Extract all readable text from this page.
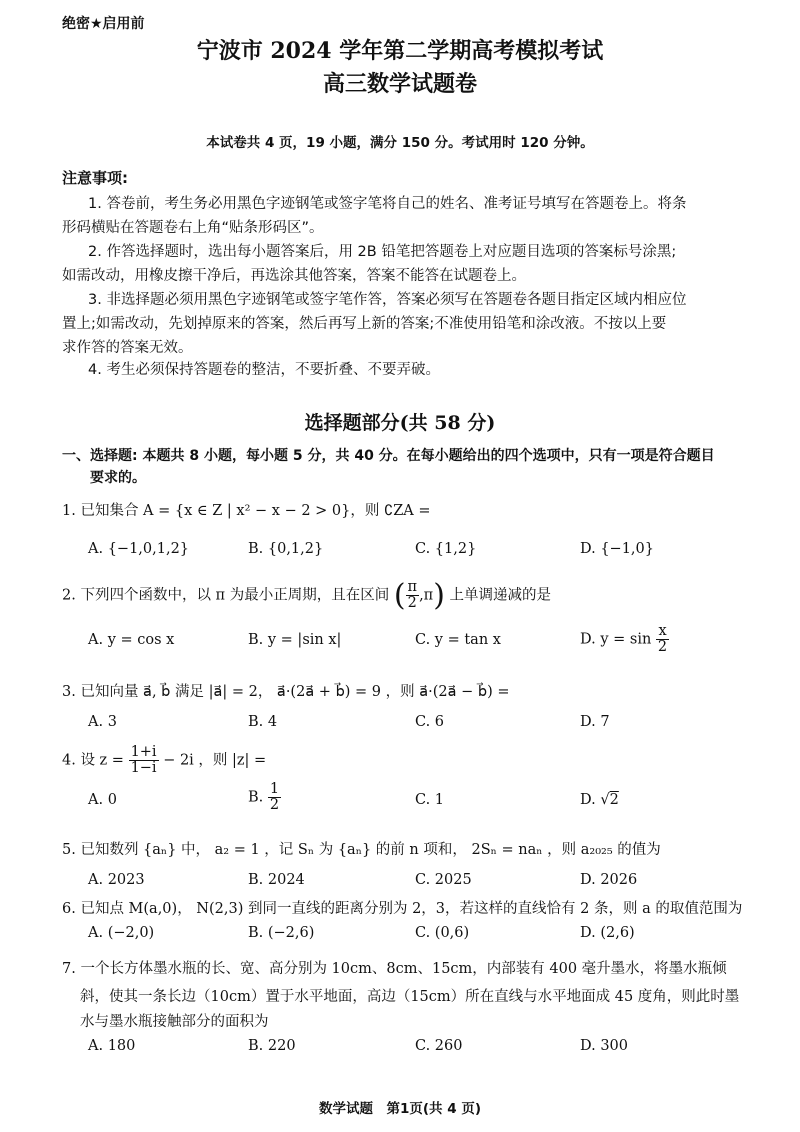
绝密★启用前
宁波市 2024 学年第二学期高考模拟考试
高三数学试题卷
本试卷共 4 页，19 小题，满分 150 分。考试用时 120 分钟。
注意事项:
1. 答卷前，考生务必用黑色字迹钢笔或签字笔将自己的姓名、准考证号填写在答题卷上。将条
形码横贴在答题卷右上角“贴条形码区”。
2. 作答选择题时，选出每小题答案后，用 2B 铅笔把答题卷上对应题目选项的答案标号涂黑;
如需改动，用橡皮擦干净后，再选涂其他答案，答案不能答在试题卷上。
3. 非选择题必须用黑色字迹钢笔或签字笔作答，答案必须写在答题卷各题目指定区域内相应位
置上;如需改动，先划掉原来的答案，然后再写上新的答案;不准使用铅笔和涂改液。不按以上要
求作答的答案无效。
4. 考生必须保持答题卷的整洁，不要折叠、不要弄破。
选择题部分(共 58 分)
一、选择题: 本题共 8 小题，每小题 5 分，共 40 分。在每小题给出的四个选项中，只有一项是符合题目
要求的。
1. 已知集合 A = {x ∈ Z | x² − x − 2 > 0}，则 ∁ZA =
A. {−1,0,1,2}	B. {0,1,2}	C. {1,2}	D. {−1,0}
2. 下列四个函数中，以 π 为最小正周期，且在区间 ( $\frac{\pi}{2} ,\pi$) 上单调递减的是
A. y = cos x	B. y = |sin x|	C. y = tan x	D. $y = \sin \frac{x}{2}$
3. 已知向量 a⃗, b⃗ 满足 |a⃗| = 2， a⃗·(2a⃗ + b⃗) = 9 ，则 a⃗·(2a⃗ − b⃗) =
A. 3	B. 4	C. 6	D. 7
4. 设 $z = \frac{1+i}{1-i} - 2i$ ，则 |z| =
A. 0	B. $\frac{1}{2}$	C. 1	D. √2
5. 已知数列 {aₙ} 中， a₂ = 1 ，记 Sₙ 为 {aₙ} 的前 n 项和， 2Sₙ = naₙ ，则 a₂₀₂₅ 的值为
A. 2023	B. 2024	C. 2025	D. 2026
6. 已知点 M(a,0)， N(2,3) 到同一直线的距离分别为 2，3，若这样的直线恰有 2 条，则 a 的取值范围为
A. (−2,0)	B. (−2,6)	C. (0,6)	D. (2,6)
7. 一个长方体墨水瓶的长、宽、高分别为 10cm、8cm、15cm，内部装有 400 毫升墨水，将墨水瓶倾
斜，使其一条长边（10cm）置于水平地面，高边（15cm）所在直线与水平地面成 45 度角，则此时墨
水与墨水瓶接触部分的面积为
A. 180	B. 220	C. 260	D. 300
数学试题　第1页(共 4 页)
